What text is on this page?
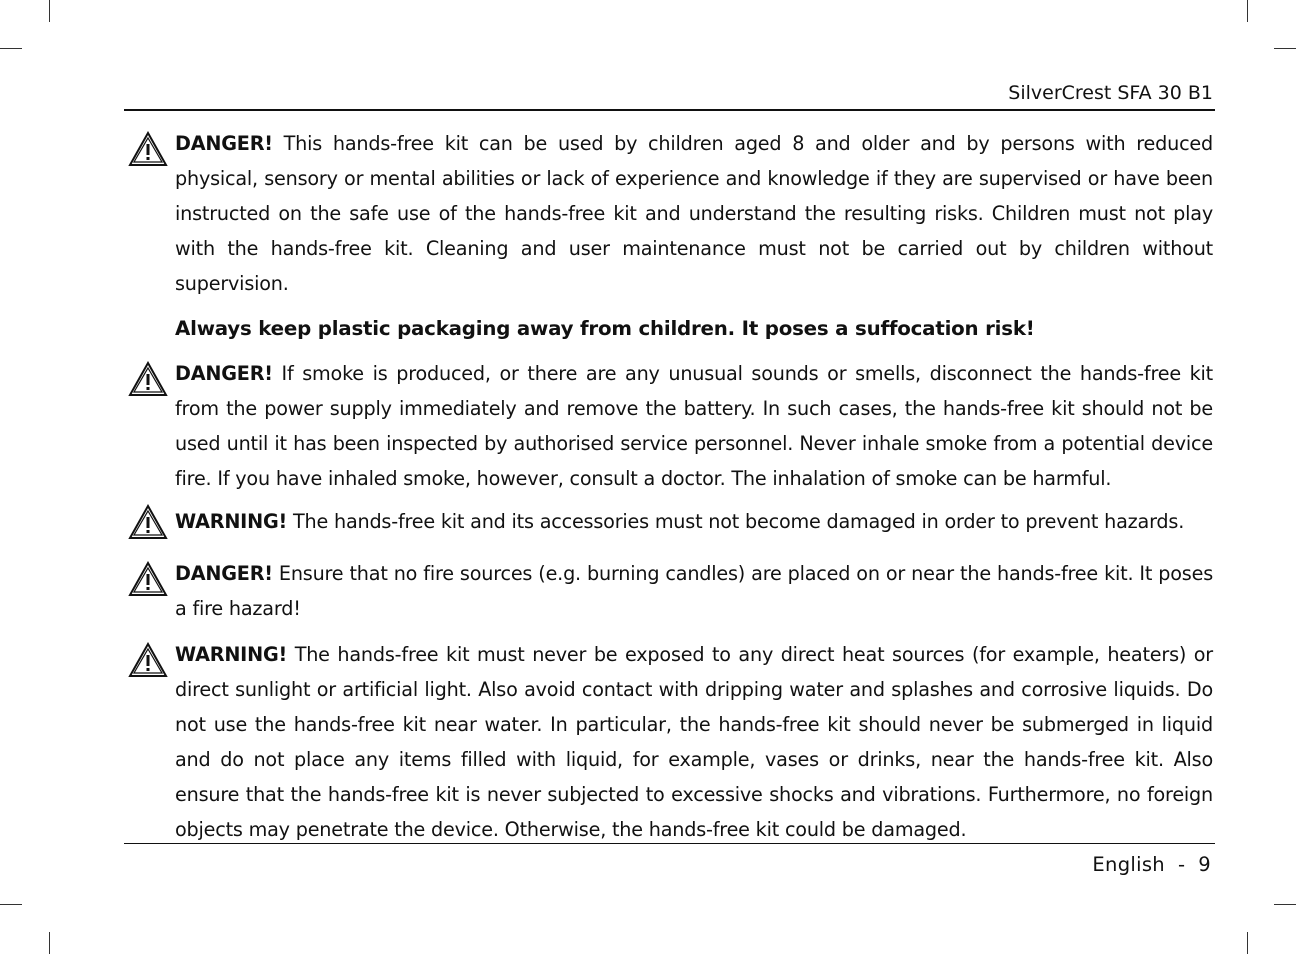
SilverCrest SFA 30 B1

DANGER! This hands-free kit can be used by children aged 8 and older and by persons with reduced physical, sensory or mental abilities or lack of experience and knowledge if they are supervised or have been instructed on the safe use of the hands-free kit and understand the resulting risks. Children must not play with the hands-free kit. Cleaning and user maintenance must not be carried out by children without supervision.

Always keep plastic packaging away from children. It poses a suffocation risk!

DANGER! If smoke is produced, or there are any unusual sounds or smells, disconnect the hands-free kit from the power supply immediately and remove the battery. In such cases, the hands-free kit should not be used until it has been inspected by authorised service personnel. Never inhale smoke from a potential device fire. If you have inhaled smoke, however, consult a doctor. The inhalation of smoke can be harmful.

WARNING! The hands-free kit and its accessories must not become damaged in order to prevent hazards.

DANGER! Ensure that no fire sources (e.g. burning candles) are placed on or near the hands-free kit. It poses a fire hazard!

WARNING! The hands-free kit must never be exposed to any direct heat sources (for example, heaters) or direct sunlight or artificial light. Also avoid contact with dripping water and splashes and corrosive liquids. Do not use the hands-free kit near water. In particular, the hands-free kit should never be submerged in liquid and do not place any items filled with liquid, for example, vases or drinks, near the hands-free kit. Also ensure that the hands-free kit is never subjected to excessive shocks and vibrations. Furthermore, no foreign objects may penetrate the device. Otherwise, the hands-free kit could be damaged.

English - 9
